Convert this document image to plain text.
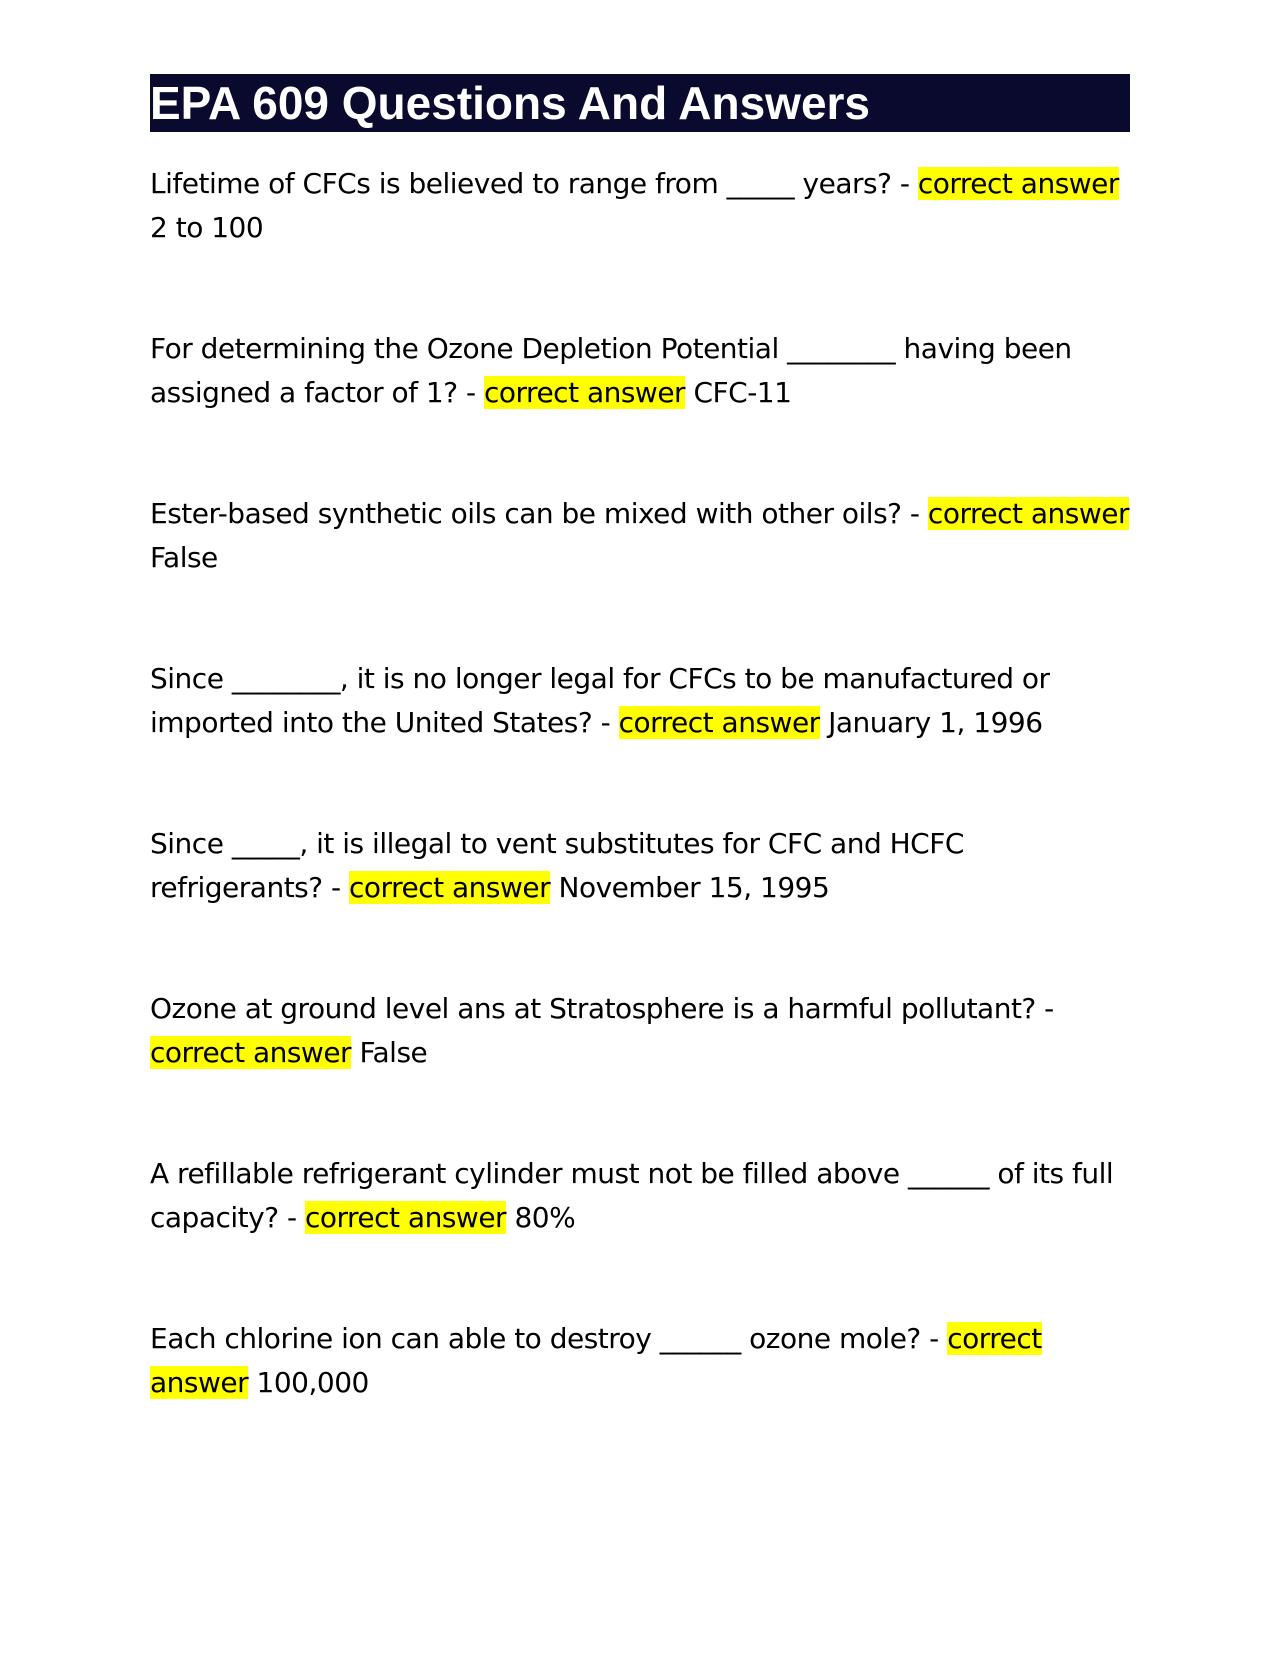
EPA 609 Questions And Answers

Lifetime of CFCs is believed to range from _____ years? - correct answer 2 to 100

For determining the Ozone Depletion Potential ________ having been assigned a factor of 1? - correct answer CFC-11

Ester-based synthetic oils can be mixed with other oils? - correct answer False

Since ________, it is no longer legal for CFCs to be manufactured or imported into the United States? - correct answer January 1, 1996

Since _____, it is illegal to vent substitutes for CFC and HCFC refrigerants? - correct answer November 15, 1995

Ozone at ground level ans at Stratosphere is a harmful pollutant? - correct answer False

A refillable refrigerant cylinder must not be filled above ______ of its full capacity? - correct answer 80%

Each chlorine ion can able to destroy ______ ozone mole? - correct answer 100,000
